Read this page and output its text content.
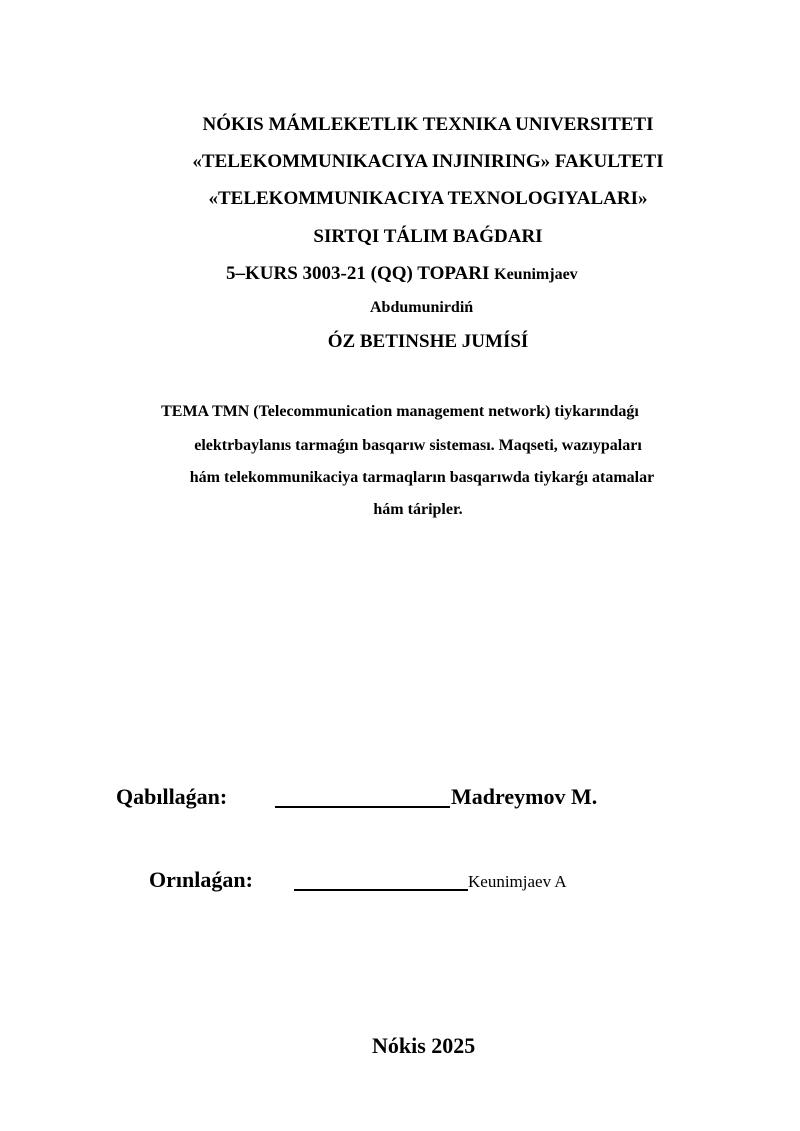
NÓKIS MÁMLEKETLIK TEXNIKA UNIVERSITETI
«TELEKOMMUNIKACIYA INJINIRING» FAKULTETI
«TELEKOMMUNIKACIYA TEXNOLOGIYALARI»
SIRTQI TÁLIM BAǴDARI
5–KURS 3003-21 (QQ) TOPARI Keunimjaev
Abdumunirdiń
ÓZ BETINSHE JUMÍSÍ
TEMA TMN (Telecommunication management network) tiykarındaǵı
elektrbaylanıs tarmaǵın basqarıw sisteması. Maqseti, wazıypaları
hám telekommunikaciya tarmaqların basqarıwda tiykarǵı atamalar
hám táripler.
Qabıllaǵan:	Madreymov M.
Orınlaǵan:	Keunimjaev A
Nókis 2025
